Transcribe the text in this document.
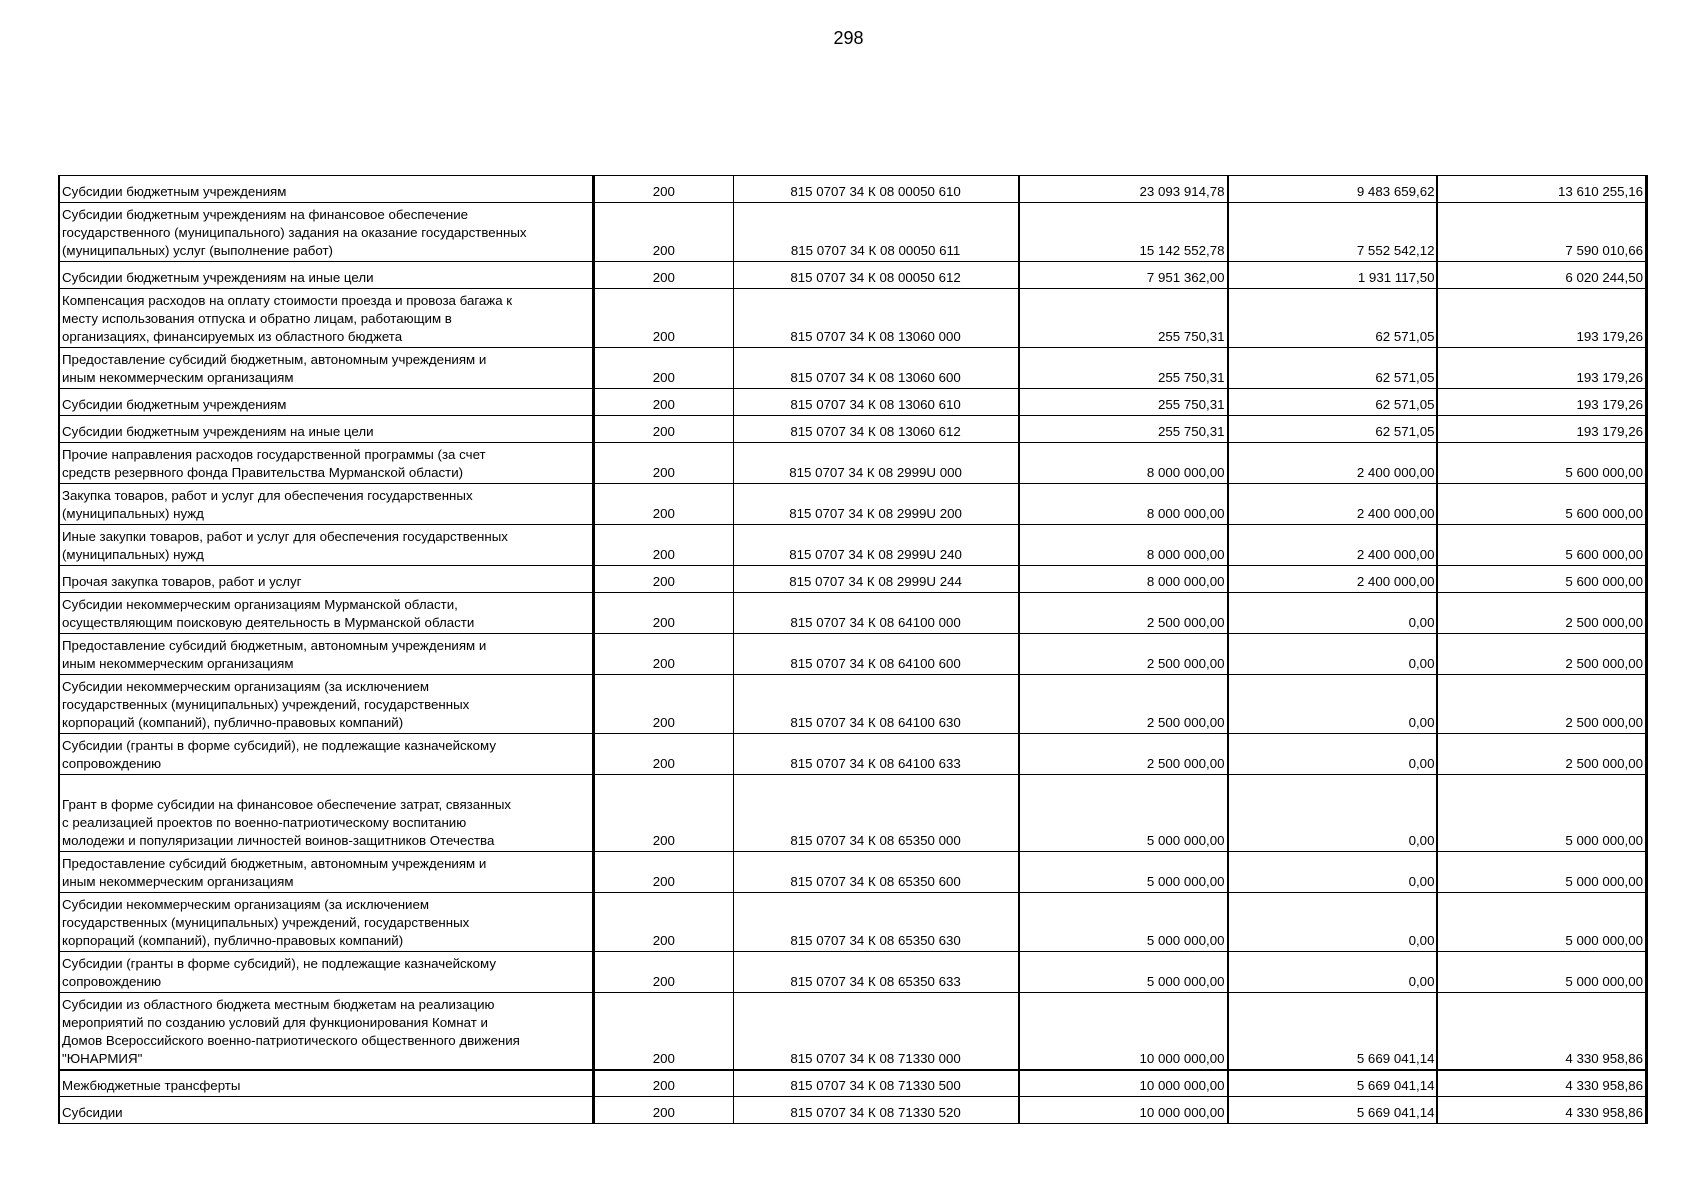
298
Субсидии бюджетным учреждениям	200	815 0707 34 К 08 00050 610	23 093 914,78	9 483 659,62	13 610 255,16
Субсидии бюджетным учреждениям на финансовое обеспечение
государственного (муниципального) задания на оказание государственных
(муниципальных) услуг (выполнение работ)	200	815 0707 34 К 08 00050 611	15 142 552,78	7 552 542,12	7 590 010,66
Субсидии бюджетным учреждениям на иные цели	200	815 0707 34 К 08 00050 612	7 951 362,00	1 931 117,50	6 020 244,50
Компенсация расходов на оплату стоимости проезда и провоза багажа к
месту использования отпуска и обратно лицам, работающим в
организациях, финансируемых из областного бюджета	200	815 0707 34 К 08 13060 000	255 750,31	62 571,05	193 179,26
Предоставление субсидий бюджетным, автономным учреждениям и
иным некоммерческим организациям	200	815 0707 34 К 08 13060 600	255 750,31	62 571,05	193 179,26
Субсидии бюджетным учреждениям	200	815 0707 34 К 08 13060 610	255 750,31	62 571,05	193 179,26
Субсидии бюджетным учреждениям на иные цели	200	815 0707 34 К 08 13060 612	255 750,31	62 571,05	193 179,26
Прочие направления расходов государственной программы (за счет
средств резервного фонда Правительства Мурманской области)	200	815 0707 34 К 08 2999U 000	8 000 000,00	2 400 000,00	5 600 000,00
Закупка товаров, работ и услуг для обеспечения государственных
(муниципальных) нужд	200	815 0707 34 К 08 2999U 200	8 000 000,00	2 400 000,00	5 600 000,00
Иные закупки товаров, работ и услуг для обеспечения государственных
(муниципальных) нужд	200	815 0707 34 К 08 2999U 240	8 000 000,00	2 400 000,00	5 600 000,00
Прочая закупка товаров, работ и услуг	200	815 0707 34 К 08 2999U 244	8 000 000,00	2 400 000,00	5 600 000,00
Субсидии некоммерческим организациям Мурманской области,
осуществляющим поисковую деятельность в Мурманской области	200	815 0707 34 К 08 64100 000	2 500 000,00	0,00	2 500 000,00
Предоставление субсидий бюджетным, автономным учреждениям и
иным некоммерческим организациям	200	815 0707 34 К 08 64100 600	2 500 000,00	0,00	2 500 000,00
Субсидии некоммерческим организациям (за исключением
государственных (муниципальных) учреждений, государственных
корпораций (компаний), публично-правовых компаний)	200	815 0707 34 К 08 64100 630	2 500 000,00	0,00	2 500 000,00
Субсидии (гранты в форме субсидий), не подлежащие казначейскому
сопровождению	200	815 0707 34 К 08 64100 633	2 500 000,00	0,00	2 500 000,00

Грант в форме субсидии на финансовое обеспечение затрат, связанных
с реализацией проектов по военно-патриотическому воспитанию
молодежи и популяризации личностей воинов-защитников Отечества	200	815 0707 34 К 08 65350 000	5 000 000,00	0,00	5 000 000,00
Предоставление субсидий бюджетным, автономным учреждениям и
иным некоммерческим организациям	200	815 0707 34 К 08 65350 600	5 000 000,00	0,00	5 000 000,00
Субсидии некоммерческим организациям (за исключением
государственных (муниципальных) учреждений, государственных
корпораций (компаний), публично-правовых компаний)	200	815 0707 34 К 08 65350 630	5 000 000,00	0,00	5 000 000,00
Субсидии (гранты в форме субсидий), не подлежащие казначейскому
сопровождению	200	815 0707 34 К 08 65350 633	5 000 000,00	0,00	5 000 000,00
Субсидии из областного бюджета местным бюджетам на реализацию
мероприятий по созданию условий для функционирования Комнат и
Домов Всероссийского военно-патриотического общественного движения
"ЮНАРМИЯ"	200	815 0707 34 К 08 71330 000	10 000 000,00	5 669 041,14	4 330 958,86
Межбюджетные трансферты	200	815 0707 34 К 08 71330 500	10 000 000,00	5 669 041,14	4 330 958,86
Субсидии	200	815 0707 34 К 08 71330 520	10 000 000,00	5 669 041,14	4 330 958,86
